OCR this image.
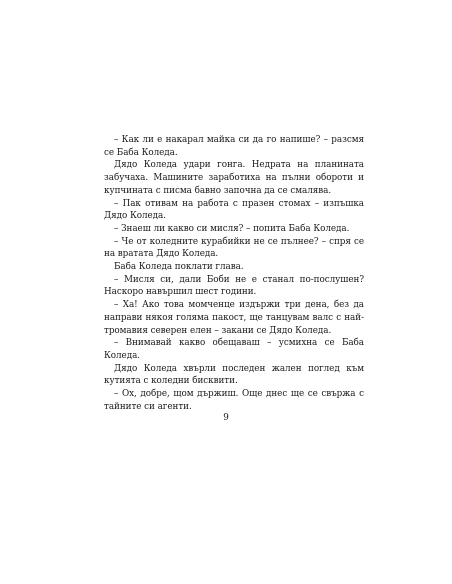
– Как ли е накарал майка си да го напише? – разсмя се Баба Коледа.

Дядо Коледа удари гонга. Недрата на планината забучаха. Машините заработиха на пълни обороти и купчината с писма бавно започна да се смалява.

– Пак отивам на работа с празен стомах – изпъшка Дядо Коледа.

– Знаеш ли какво си мисля? – попита Баба Коледа.

– Че от коледните курабийки не се пълнее? – спря се на вратата Дядо Коледа.

Баба Коледа поклати глава.

– Мисля си, дали Боби не е станал по-послушен? Наскоро навършил шест години.

– Ха! Ако това момченце издържи три дена, без да направи някоя голяма пакост, ще танцувам валс с най-тромавия северен елен – закани се Дядо Коледа.

– Внимавай какво обещаваш – усмихна се Баба Коледа.

Дядо Коледа хвърли последен жален поглед към кутията с коледни бисквити.

– Ох, добре, щом държиш. Още днес ще се свържа с тайните си агенти.

9
